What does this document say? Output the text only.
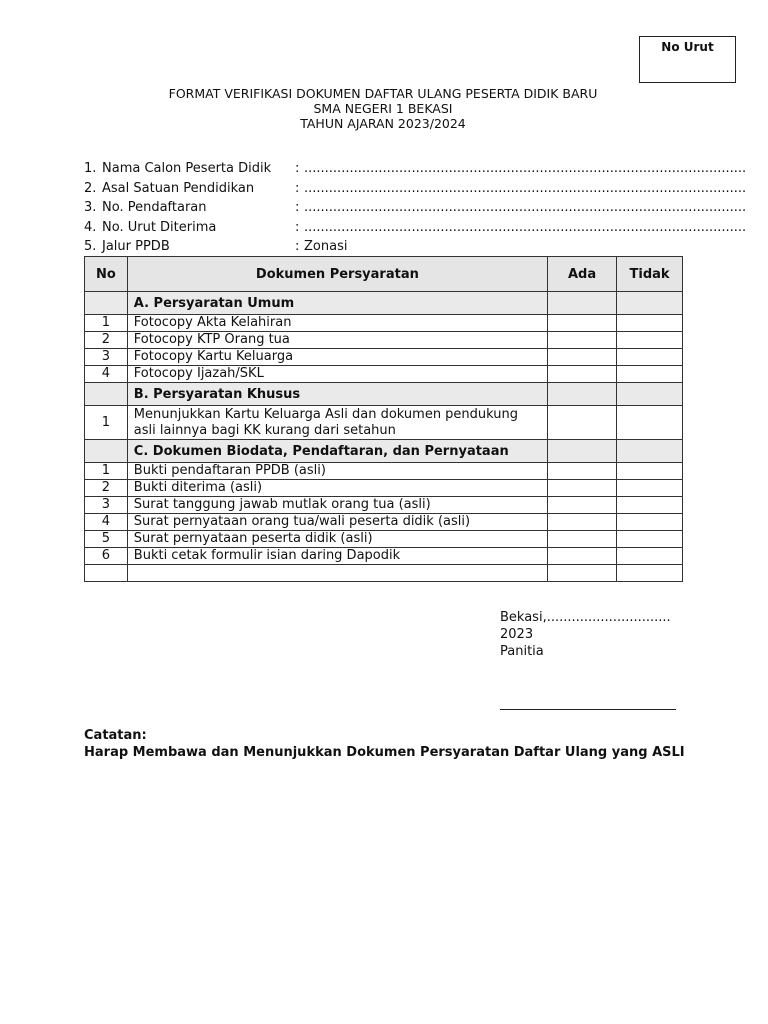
No Urut
FORMAT VERIFIKASI DOKUMEN DAFTAR ULANG PESERTA DIDIK BARU
SMA NEGERI 1 BEKASI
TAHUN AJARAN 2023/2024
1. Nama Calon Peserta Didik : ...........................................................................................................
2. Asal Satuan Pendidikan	: ...........................................................................................................
3. No. Pendaftaran	: ...........................................................................................................
4. No. Urut Diterima	: ...........................................................................................................
5. Jalur PPDB	: Zonasi
No	Dokumen Persyaratan	Ada	Tidak
	A. Persyaratan Umum		
1	Fotocopy Akta Kelahiran		
2	Fotocopy KTP Orang tua		
3	Fotocopy Kartu Keluarga		
4	Fotocopy Ijazah/SKL		
	B. Persyaratan Khusus		
1	Menunjukkan Kartu Keluarga Asli dan dokumen pendukung asli lainnya bagi KK kurang dari setahun		
	C. Dokumen Biodata, Pendaftaran, dan Pernyataan		
1	Bukti pendaftaran PPDB (asli)		
2	Bukti diterima (asli)		
3	Surat tanggung jawab mutlak orang tua (asli)		
4	Surat pernyataan orang tua/wali peserta didik (asli)		
5	Surat pernyataan peserta didik (asli)		
6	Bukti cetak formulir isian daring Dapodik		

Bekasi,.............................. 2023
Panitia
Catatan:
Harap Membawa dan Menunjukkan Dokumen Persyaratan Daftar Ulang yang ASLI
